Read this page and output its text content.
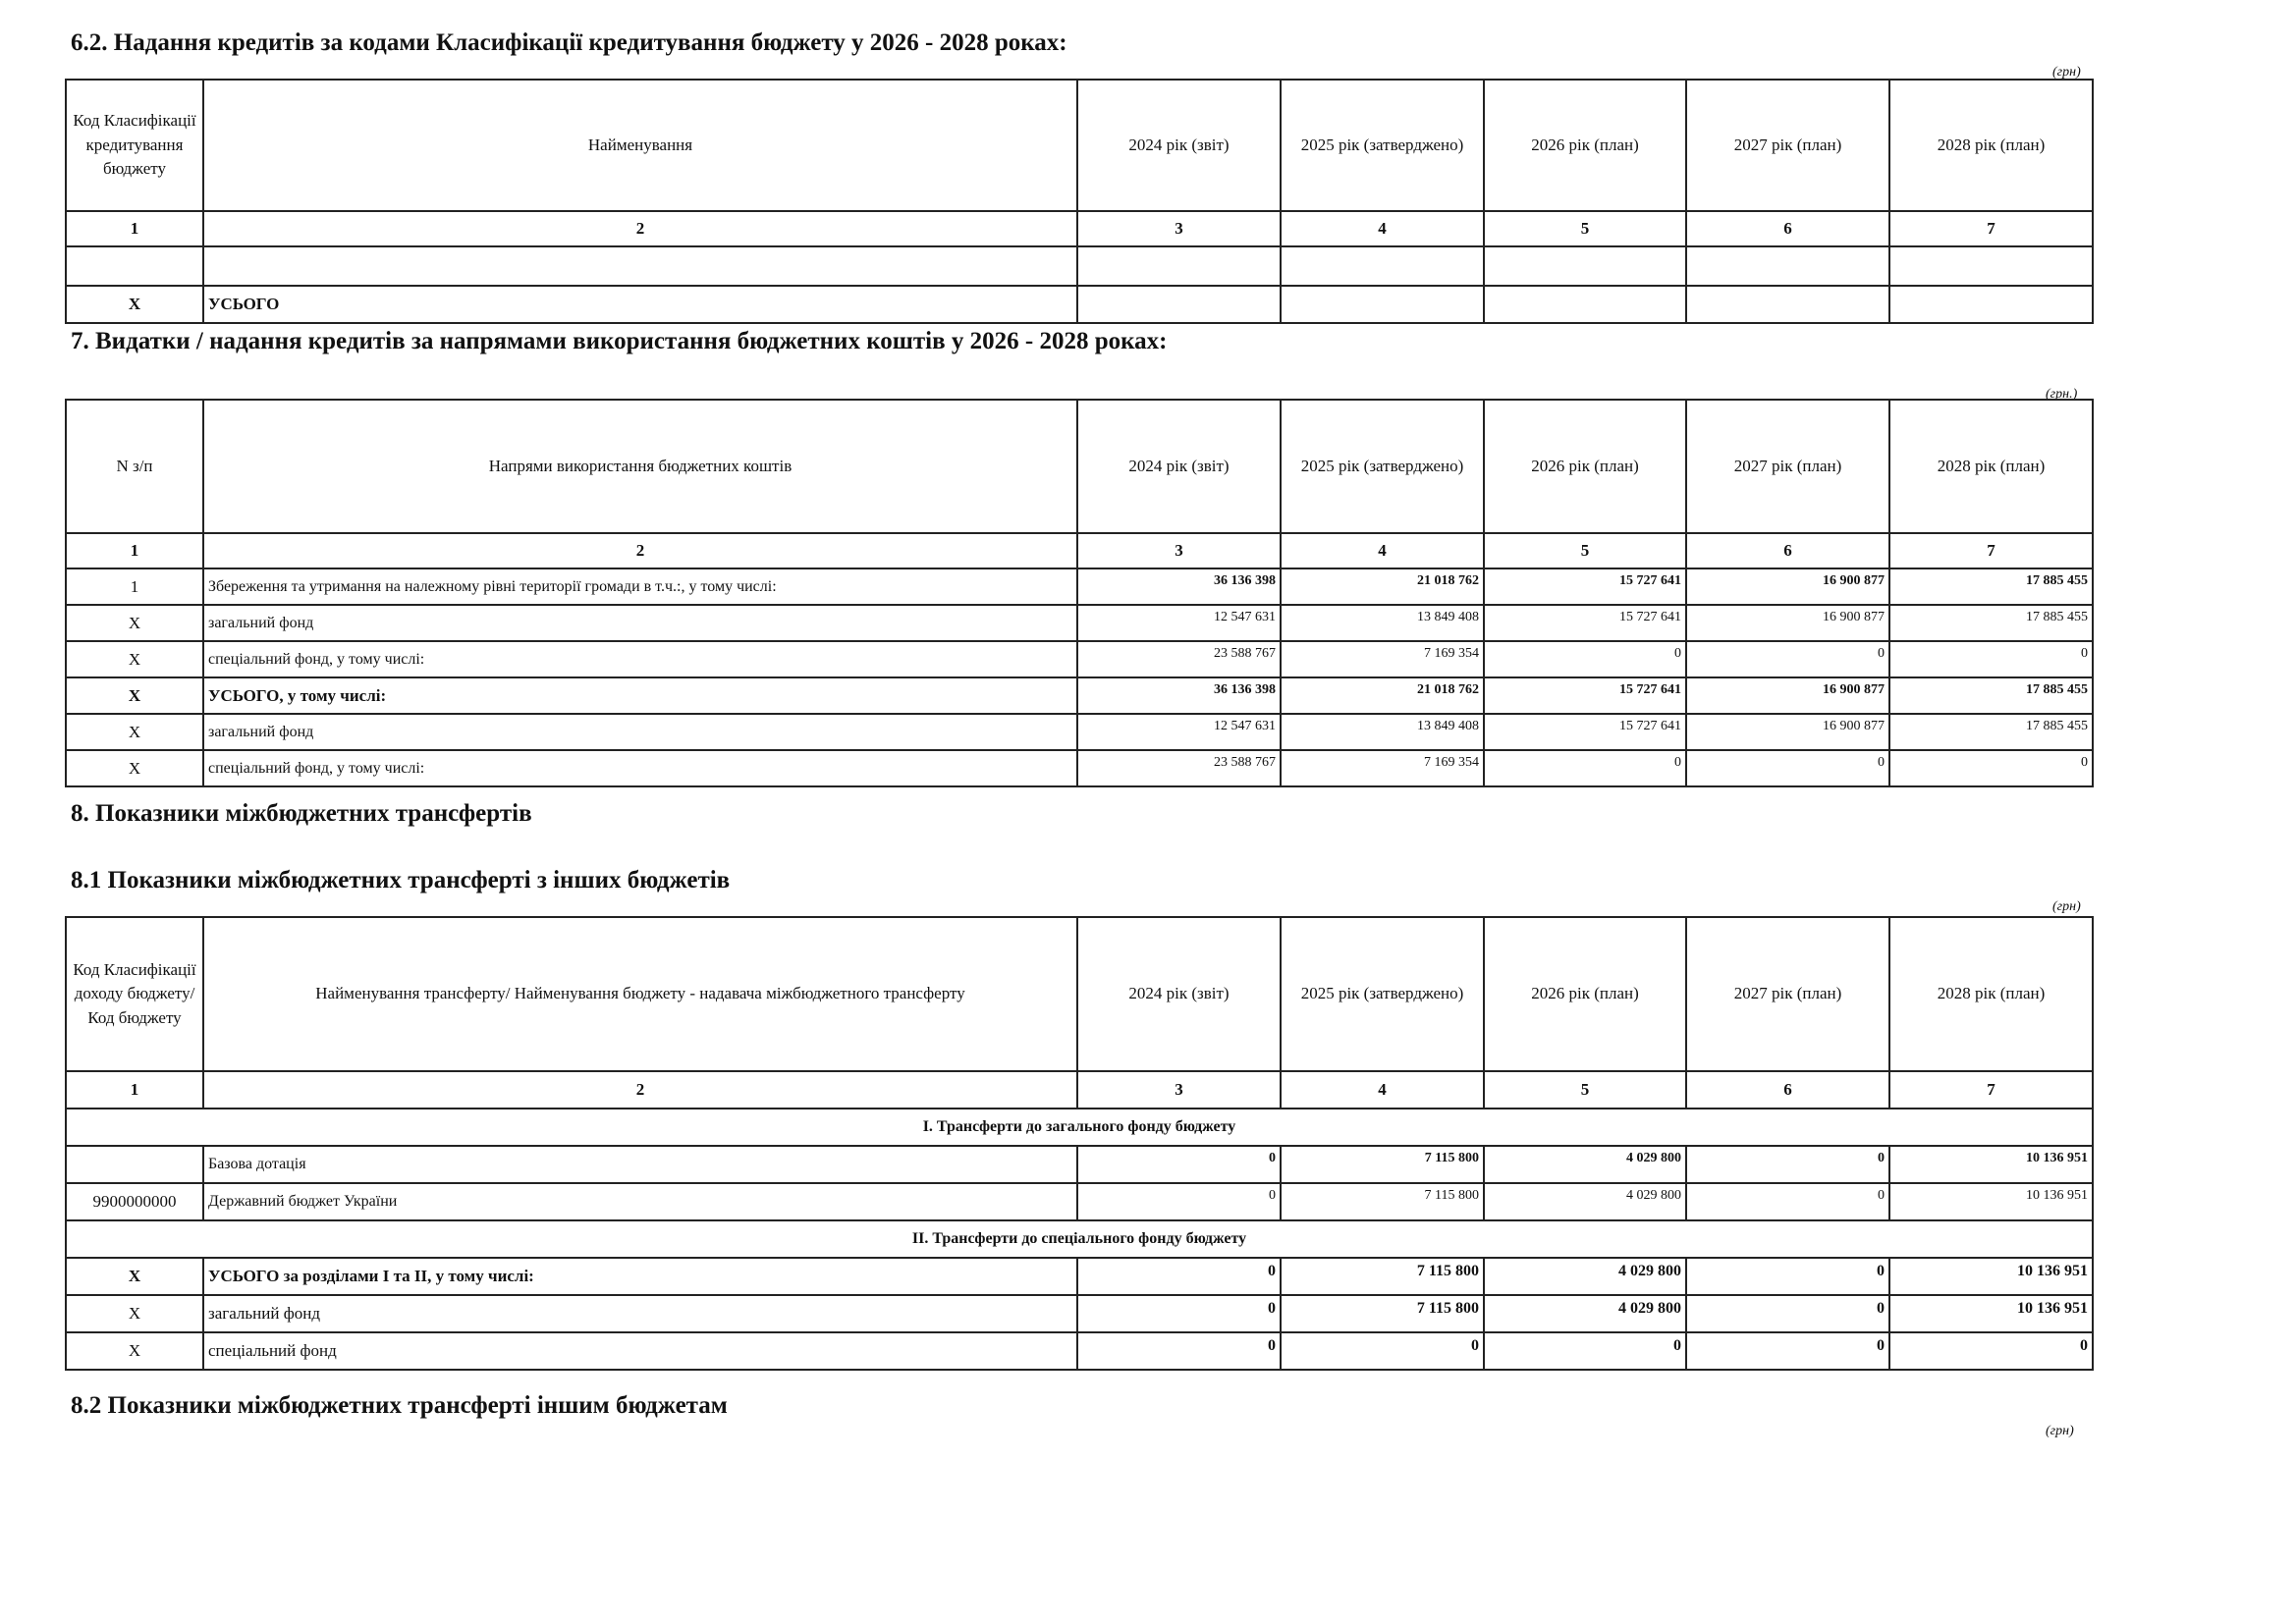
6.2. Надання кредитів за кодами Класифікації кредитування бюджету у 2026 - 2028 роках:
(грн)
Код Класифікації кредитування бюджету	Найменування	2024 рік (звіт)	2025 рік (затверджено)	2026 рік (план)	2027 рік (план)	2028 рік (план)
1	2	3	4	5	6	7

Х	УСЬОГО					
7. Видатки / надання кредитів за напрямами використання бюджетних коштів у 2026 - 2028 роках:
(грн.)
N з/п	Напрями використання бюджетних коштів	2024 рік (звіт)	2025 рік (затверджено)	2026 рік (план)	2027 рік (план)	2028 рік (план)
1	2	3	4	5	6	7
1	Збереження та утримання на належному рівні території громади в т.ч.:, у тому числі:	36 136 398	21 018 762	15 727 641	16 900 877	17 885 455
Х	загальний фонд	12 547 631	13 849 408	15 727 641	16 900 877	17 885 455
Х	спеціальний фонд, у тому числі:	23 588 767	7 169 354	0	0	0
Х	УСЬОГО, у тому числі:	36 136 398	21 018 762	15 727 641	16 900 877	17 885 455
Х	загальний фонд	12 547 631	13 849 408	15 727 641	16 900 877	17 885 455
Х	спеціальний фонд, у тому числі:	23 588 767	7 169 354	0	0	0
8. Показники міжбюджетних трансфертів
8.1 Показники міжбюджетних трансферті з інших бюджетів
(грн)
Код Класифікації доходу бюджету/Код бюджету	Найменування трансферту/ Найменування бюджету - надавача міжбюджетного трансферту	2024 рік (звіт)	2025 рік (затверджено)	2026 рік (план)	2027 рік (план)	2028 рік (план)
1	2	3	4	5	6	7
І. Трансферти до загального фонду бюджету						
	Базова дотація	0	7 115 800	4 029 800	0	10 136 951
9900000000	Державний бюджет України	0	7 115 800	4 029 800	0	10 136 951
ІІ. Трансферти до спеціального фонду бюджету						
Х	УСЬОГО за розділами І та ІІ, у тому числі:	0	7 115 800	4 029 800	0	10 136 951
Х	загальний фонд	0	7 115 800	4 029 800	0	10 136 951
Х	спеціальний фонд	0	0	0	0	0
8.2 Показники міжбюджетних трансферті іншим бюджетам
(грн)
